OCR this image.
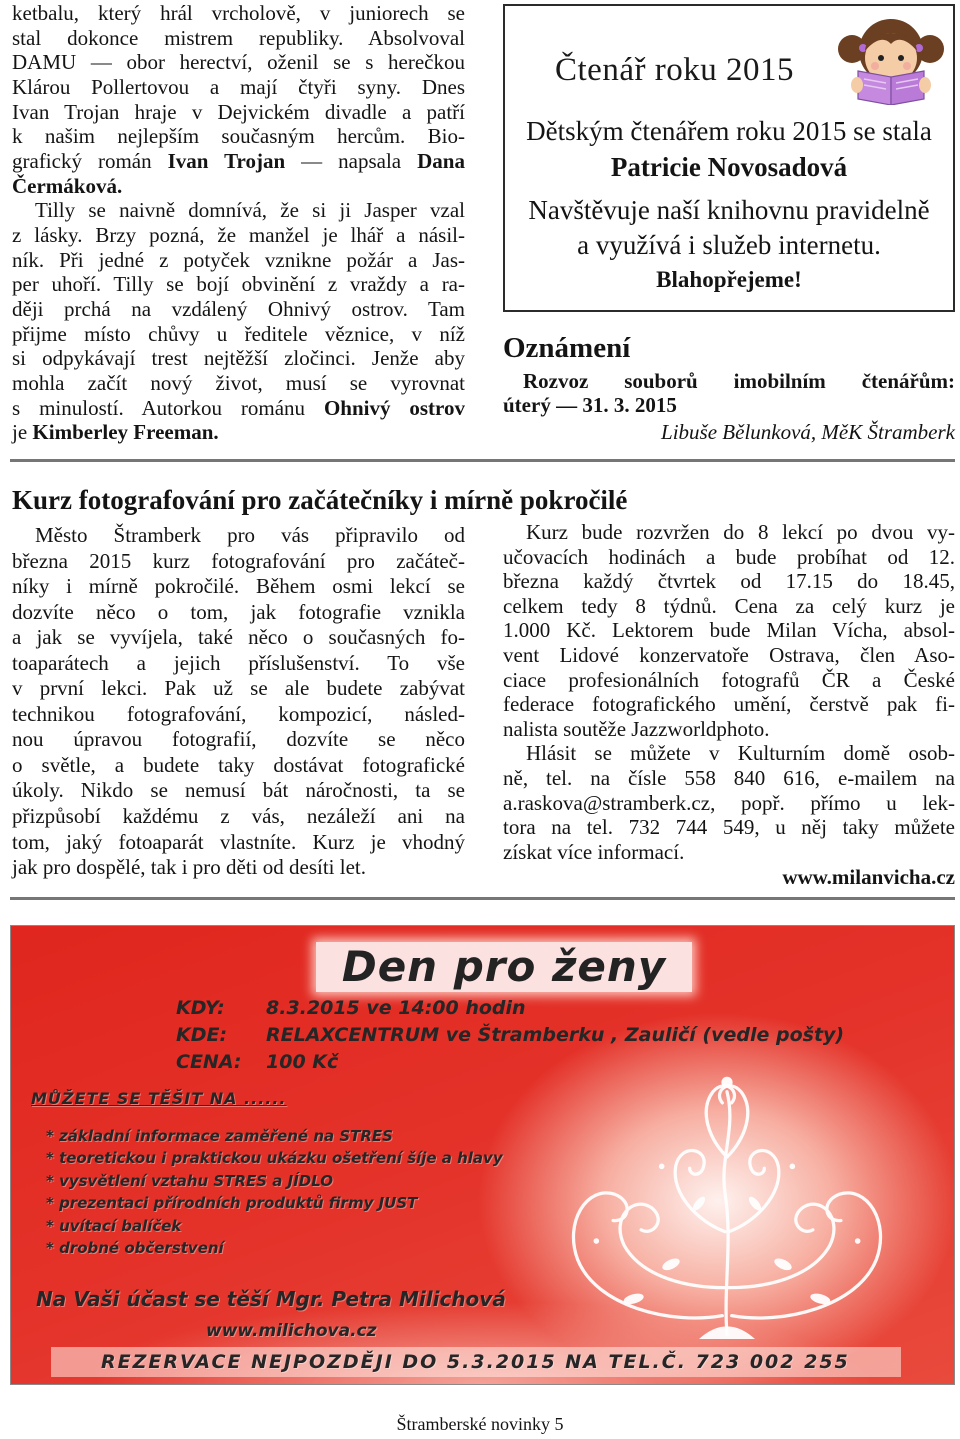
ketbalu, který hrál vrcholově, v juniorech se
stal dokonce mistrem republiky. Absolvoval
DAMU — obor herectví, oženil se s herečkou
Klárou Pollertovou a mají čtyři syny. Dnes
Ivan Trojan hraje v Dejvickém divadle a patří
k našim nejlepším současným hercům. Bio-
grafický román Ivan Trojan — napsala Dana
Čermáková.
Tilly se naivně domnívá, že si ji Jasper vzal
z lásky. Brzy pozná, že manžel je lhář a násil-
ník. Při jedné z potyček vznikne požár a Jas-
per uhoří. Tilly se bojí obvinění z vraždy a ra-
ději prchá na vzdálený Ohnivý ostrov. Tam
přijme místo chůvy u ředitele věznice, v níž
si odpykávají trest nejtěžší zločinci. Jenže aby
mohla začít nový život, musí se vyrovnat
s minulostí. Autorkou románu Ohnivý ostrov
je Kimberley Freeman.
Čtenář roku 2015
Dětským čtenářem roku 2015 se stala
Patricie Novosadová
Navštěvuje naší knihovnu pravidelně
a využívá i služeb internetu.
Blahopřejeme!
Oznámení
Rozvoz souborů imobilním čtenářům:
úterý — 31. 3. 2015
Libuše Bělunková, MěK Štramberk
Kurz fotografování pro začátečníky i mírně pokročilé
Město Štramberk pro vás připravilo od
března 2015 kurz fotografování pro začáteč-
níky i mírně pokročilé. Během osmi lekcí se
dozvíte něco o tom, jak fotografie vznikla
a jak se vyvíjela, také něco o současných fo-
toaparátech a jejich příslušenství. To vše
v první lekci. Pak už se ale budete zabývat
technikou fotografování, kompozicí, násled-
nou úpravou fotografií, dozvíte se něco
o světle, a budete taky dostávat fotografické
úkoly. Nikdo se nemusí bát náročnosti, ta se
přizpůsobí každému z vás, nezáleží ani na
tom, jaký fotoaparát vlastníte. Kurz je vhodný
jak pro dospělé, tak i pro děti od desíti let.
Kurz bude rozvržen do 8 lekcí po dvou vy-
učovacích hodinách a bude probíhat od 12.
března každý čtvrtek od 17.15 do 18.45,
celkem tedy 8 týdnů. Cena za celý kurz je
1.000 Kč. Lektorem bude Milan Vícha, absol-
vent Lidové konzervatoře Ostrava, člen Aso-
ciace profesionálních fotografů ČR a České
federace fotografického umění, čerstvě pak fi-
nalista soutěže Jazzworldphoto.
Hlásit se můžete v Kulturním domě osob-
ně, tel. na čísle 558 840 616, e-mailem na
a.raskova@stramberk.cz, popř. přímo u lek-
tora na tel. 732 744 549, u něj taky můžete
získat více informací.
www.milanvicha.cz
Den pro ženy
KDY: 8.3.2015 ve 14:00 hodin
KDE: RELAXCENTRUM ve Štramberku , Zauličí (vedle pošty)
CENA: 100 Kč
MŮŽETE SE TĚŠIT NA ......
* základní informace zaměřené na STRES
* teoretickou i praktickou ukázku ošetření šíje a hlavy
* vysvětlení vztahu STRES a JÍDLO
* prezentaci přírodních produktů firmy JUST
* uvítací balíček
* drobné občerstvení
Na Vaši účast se těší Mgr. Petra Milichová
www.milichova.cz
REZERVACE NEJPOZDĚJI DO 5.3.2015 NA TEL.Č. 723 002 255
Štramberské novinky 5
